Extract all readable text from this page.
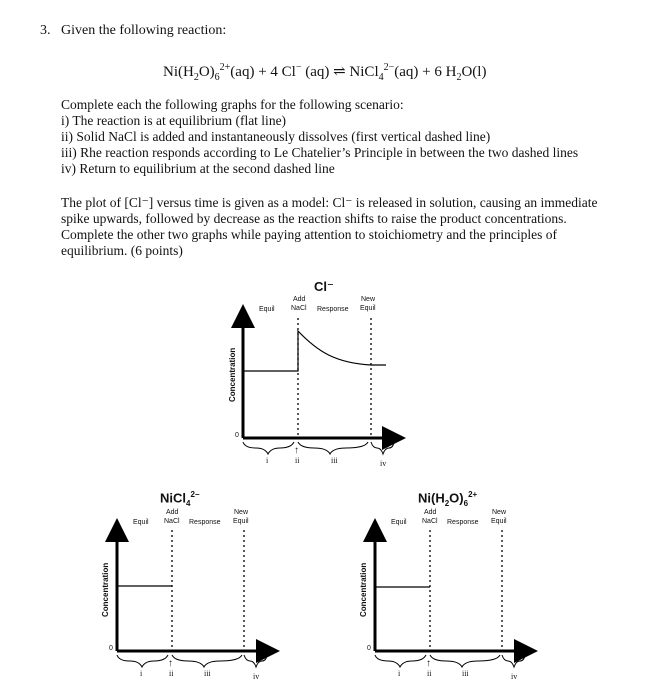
3. Given the following reaction:
$Ni(H_2O)_6^{2+}(aq) + 4$ Cl− (aq) ⇌ NiCl$_4^{2-}$(aq) + 6 $H_2O(l)$
Complete each the following graphs for the following scenario:
i) The reaction is at equilibrium (flat line)
ii) Solid NaCl is added and instantaneously dissolves (first vertical dashed line)
iii) Rhe reaction responds according to Le Chatelier’s Principle in between the two dashed lines
iv) Return to equilibrium at the second dashed line
The plot of [Cl⁻] versus time is given as a model: Cl⁻ is released in solution, causing an immediate spike upwards, followed by decrease as the reaction shifts to raise the product concentrations. Complete the other two graphs while paying attention to stoichiometry and the principles of equilibrium. (6 points)
Cl⁻
Add	New
Equil NaCl Response Equil
Concentration
0
↑
i	ii	iii	iv
NiCl$_4^{2-}$
Add	New
Equil NaCl Response Equil
Concentration
0
↑
i	ii	iii	iv
$Ni(H_2O)_6^{2+}$
Add	New
Equil NaCl Response Equil
Concentration
0
↑
i	ii	iii	iv
